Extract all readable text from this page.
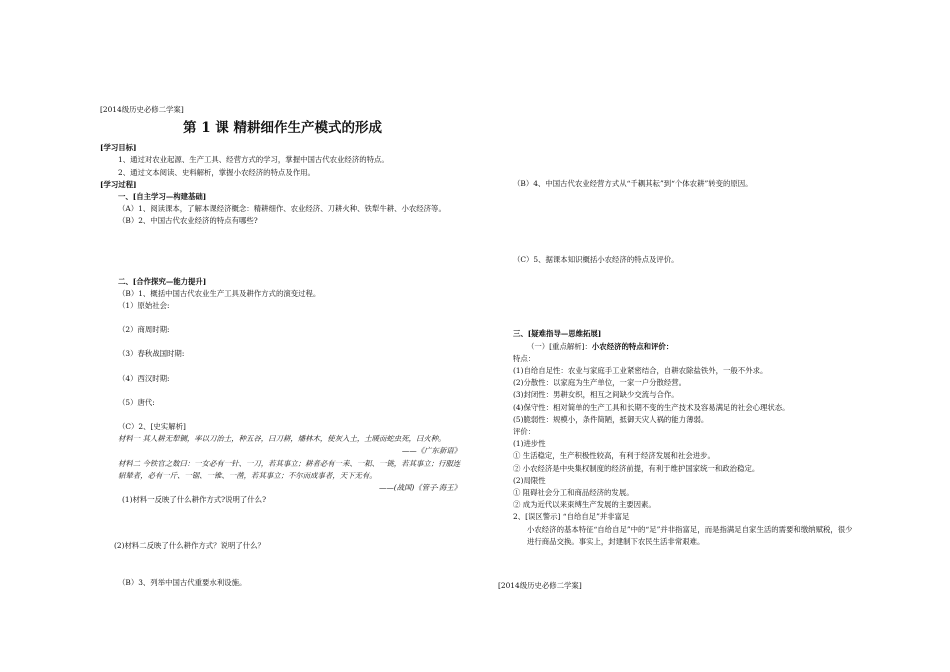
[2014级历史必修二学案]
第 1 课 精耕细作生产模式的形成
[学习目标]
1、通过对农业起源、生产工具、经营方式的学习，掌握中国古代农业经济的特点。
2、通过文本阅读、史料解析，掌握小农经济的特点及作用。
[学习过程]
一、[自主学习—构建基础]
（A）1、阅读课本，了解本课经济概念：精耕细作、农业经济、刀耕火种、铁犁牛耕、小农经济等。
（B）2、中国古代农业经济的特点有哪些?
二、[合作探究—能力提升]
（B）1、概括中国古代农业生产工具及耕作方式的演变过程。
（1）原始社会:
（2）商周时期:
（3）春秋战国时期:
（4）西汉时期:
（5）唐代:
（C）2、[史实解析]
材料一 其人耕无犁铡，率以刀治土，种五谷，曰刀耕，燔林木，使灰入土，土暖而蛇虫死，曰火种。
——《广东新语》
材料二 今铁官之数曰：一女必有一针、一刀，若其事立；耕者必有一耒、一耜、一铫，若其事立；行服连轺辇者，必有一斤、一锯、一锥、一凿，若其事立；不尔而成事者，天下无有。
——(战国)《管子·海王》
(1)材料一反映了什么耕作方式?说明了什么?
(2)材料二反映了什么耕作方式？说明了什么？
（B）3、列举中国古代重要水利设施。
（B）4、中国古代农业经营方式从“千耦其耘”到“个体农耕”转变的原因。
（C）5、据课本知识概括小农经济的特点及评价。
三、[疑难指导—思维拓展]
（一）[重点解析]：小农经济的特点和评价：
特点：
(1)自给自足性：农业与家庭手工业紧密结合，自耕农除盐铁外，一般不外求。
(2)分散性：以家庭为生产单位，一家一户分散经营。
(3)封闭性：男耕女织，相互之间缺少交流与合作。
(4)保守性：相对简单的生产工具和长期不变的生产技术及容易满足的社会心理状态。
(5)脆弱性：规模小，条件简陋，抵御天灾人祸的能力薄弱。
评价：
(1)进步性
① 生活稳定，生产积极性较高，有利于经济发展和社会进步。
② 小农经济是中央集权制度的经济前提，有利于维护国家统一和政治稳定。
(2)局限性
① 阻碍社会分工和商品经济的发展。
② 成为近代以来束缚生产发展的主要因素。
2、[误区警示] “自给自足”并非富足
小农经济的基本特征“自给自足”中的“足”并非指富足，而是指满足自家生活的需要和缴纳赋税，很少进行商品交换。事实上，封建制下农民生活非常艰难。
[2014级历史必修二学案]
